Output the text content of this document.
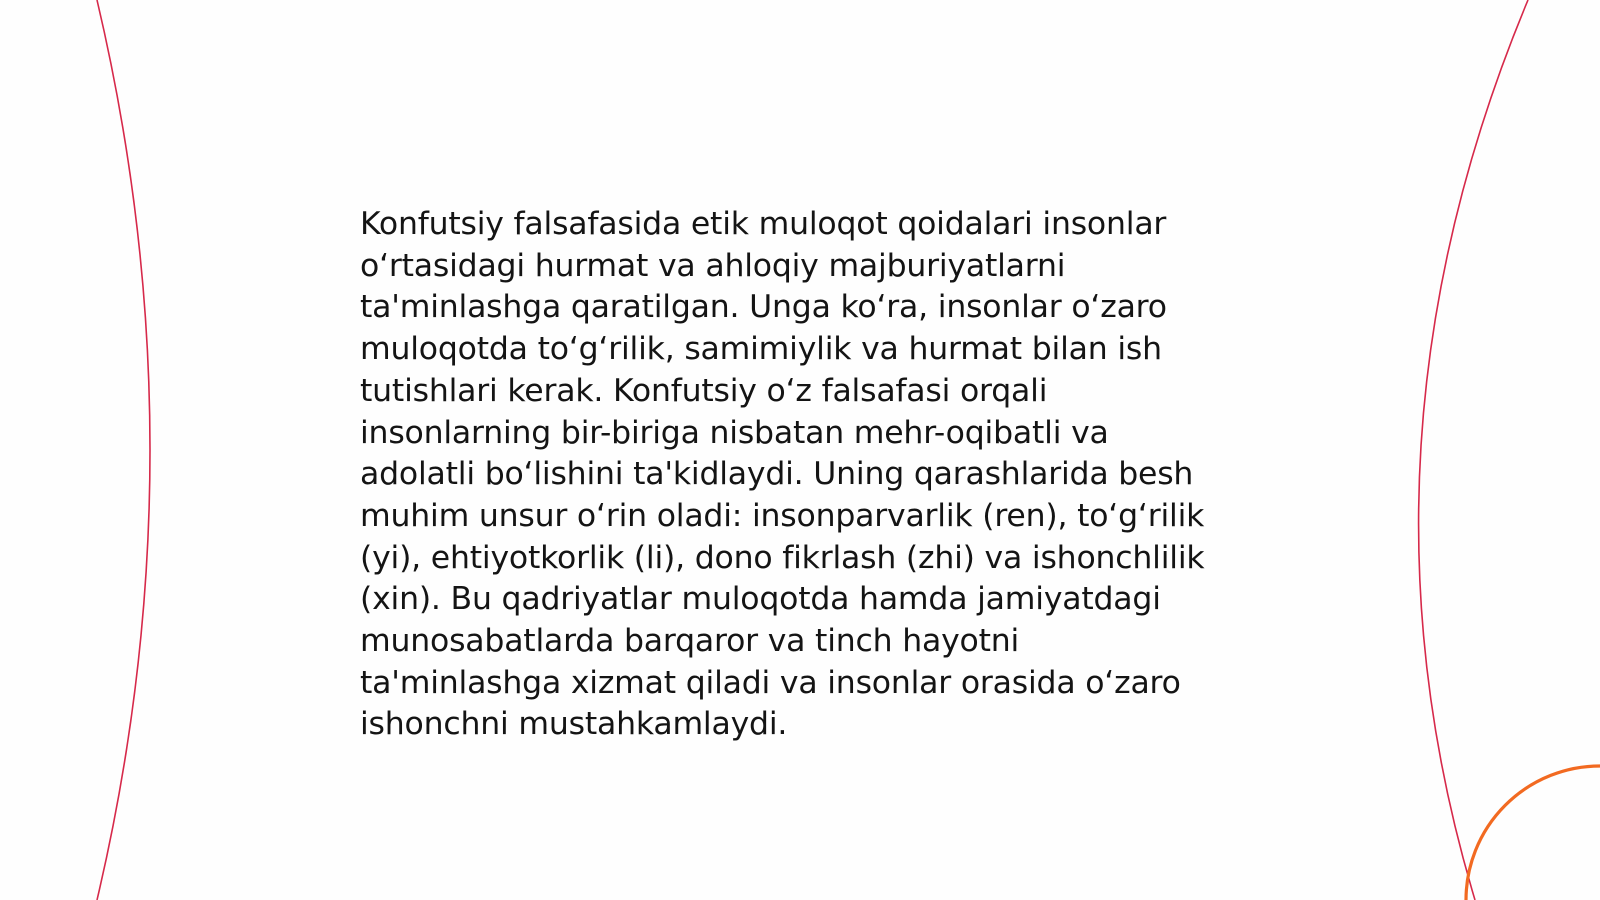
Konfutsiy falsafasida etik muloqot qoidalari insonlar
o‘rtasidagi hurmat va ahloqiy majburiyatlarni
ta'minlashga qaratilgan. Unga ko‘ra, insonlar o‘zaro
muloqotda to‘g‘rilik, samimiylik va hurmat bilan ish
tutishlari kerak. Konfutsiy o‘z falsafasi orqali
insonlarning bir-biriga nisbatan mehr-oqibatli va
adolatli bo‘lishini ta'kidlaydi. Uning qarashlarida besh
muhim unsur o‘rin oladi: insonparvarlik (ren), to‘g‘rilik
(yi), ehtiyotkorlik (li), dono fikrlash (zhi) va ishonchlilik
(xin). Bu qadriyatlar muloqotda hamda jamiyatdagi
munosabatlarda barqaror va tinch hayotni
ta'minlashga xizmat qiladi va insonlar orasida o‘zaro
ishonchni mustahkamlaydi.
